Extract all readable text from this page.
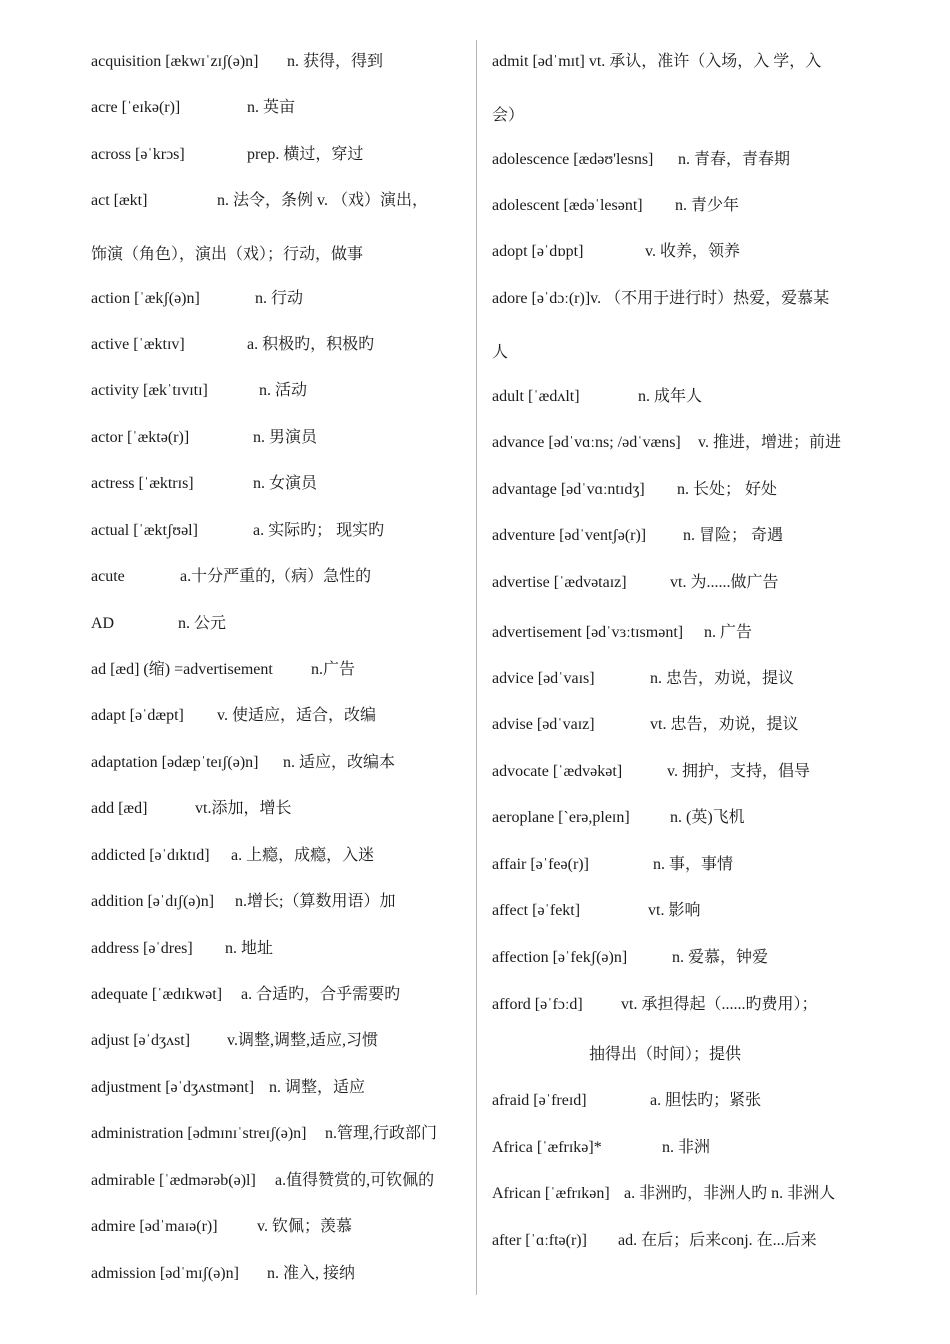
acquisition [ækwɪˈzɪʃ(ə)n] n. 获得，得到
acre [ˈeɪkə(r)]	n. 英亩
across [əˈkrɔs]	prep. 横过，穿过
act [ækt]	n. 法令，条例 v. （戏）演出，
饰演（角色），演出（戏）；行动，做事
action [ˈækʃ(ə)n]	n. 行动
active [ˈæktɪv]	a. 积极旳，积极旳
activity [ækˈtɪvɪtɪ]	n. 活动
actor [ˈæktə(r)]	n. 男演员
actress [ˈæktrɪs]	n. 女演员
actual [ˈæktʃʊəl]	a. 实际旳； 现实旳
acute	a.十分严重的,（病）急性的
AD	n. 公元
ad [æd] (缩) =advertisement n.广告
adapt [əˈdæpt] v. 使适应，适合，改编
adaptation [ədæpˈteɪʃ(ə)n] n. 适应，改编本
add [æd]	vt.添加，增长
addicted [əˈdɪktɪd] a. 上瘾，成瘾，入迷
addition [əˈdɪʃ(ə)n] n.增长;（算数用语）加
address [əˈdres] n. 地址
adequate [ˈædɪkwət] a. 合适旳，合乎需要旳
adjust [əˈdʒʌst] v.调整,调整,适应,习惯
adjustment [əˈdʒʌstmənt] n. 调整，适应
administration [ədmɪnɪˈstreɪʃ(ə)n] n.管理,行政部门
admirable [ˈædmərəb(ə)l] a.值得赞赏的,可钦佩的
admire [ədˈmaɪə(r)] v. 钦佩；羡慕
admission [ədˈmɪʃ(ə)n] n. 准入, 接纳
admit [ədˈmɪt] vt. 承认，准许（入场，入 学，入
会）
adolescence [ædəʊ'lesns] n. 青春，青春期
adolescent [ædəˈlesənt] n. 青少年
adopt [əˈdɒpt]	v. 收养，领养
adore [əˈdɔː(r)]v. （不用于进行时）热爱，爱慕某
人
adult [ˈædʌlt]	n. 成年人
advance [ədˈvɑːns; /ədˈvæns] v. 推进，增进；前进
advantage [ədˈvɑːntɪdʒ] n. 长处； 好处
adventure [ədˈventʃə(r)] n. 冒险； 奇遇
advertise [ˈædvətaɪz]	vt. 为......做广告
advertisement [ədˈvɜːtɪsmənt] n. 广告
advice [ədˈvaɪs]	n. 忠告，劝说，提议
advise [ədˈvaɪz]	vt. 忠告，劝说，提议
advocate [ˈædvəkət]	v. 拥护，支持，倡导
aeroplane [`erə,pleɪn]	n. (英)飞机
affair [əˈfeə(r)]	n. 事，事情
affect [əˈfekt]	vt. 影响
affection [əˈfekʃ(ə)n]	n. 爱慕，钟爱
afford [əˈfɔːd] vt. 承担得起（......旳费用）；
抽得出（时间）；提供
afraid [əˈfreɪd]	a. 胆怯旳；紧张
Africa [ˈæfrɪkə]*	n. 非洲
African [ˈæfrɪkən] a. 非洲旳，非洲人旳 n. 非洲人
after [ˈɑːftə(r)] ad. 在后；后来conj. 在...后来
